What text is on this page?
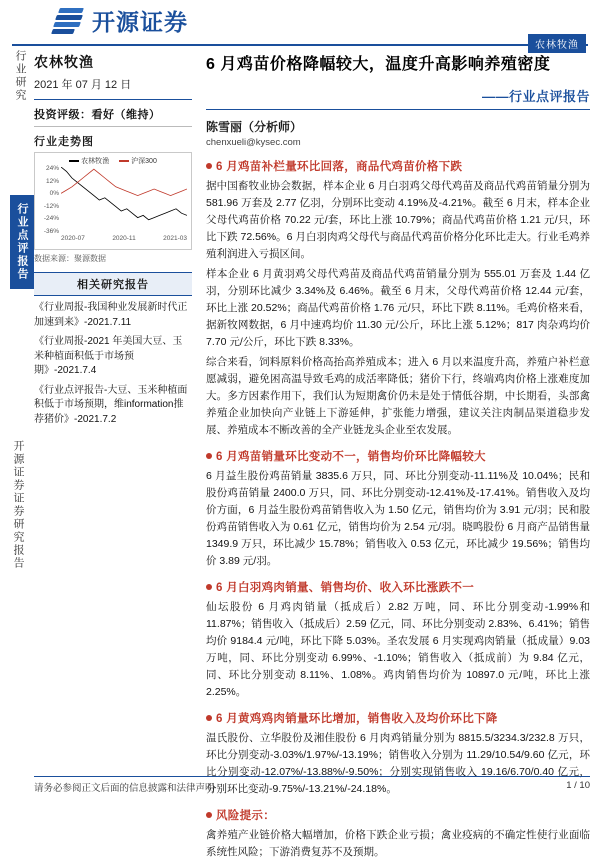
开源证券
农林牧渔
行业研究
行业点评报告
开源证券证券研究报告
农林牧渔
2021 年 07 月 12 日
投资评级：看好（维持）
行业走势图
农林牧渔	沪深300
24%
12%
0%
-12%
-24%
-36%
2020-07	2020-11	2021-03
数据来源：聚源数据
相关研究报告
《行业周报-我国种业发展新时代正加速到来》-2021.7.11
《行业周报-2021 年美国大豆、玉米种植面积低于市场预期》-2021.7.4
《行业点评报告-大豆、玉米种植面积低于市场预期，维information推荐猪价》-2021.7.2
6 月鸡苗价格降幅较大，温度升高影响养殖密度
——行业点评报告
陈雪丽（分析师）
chenxueli@kysec.com
6 月鸡苗补栏量环比回落，商品代鸡苗价格下跌

据中国畜牧业协会数据，样本企业 6 月白羽鸡父母代鸡苗及商品代鸡苗销量分别为 581.96 万套及 2.77 亿羽，分别环比变动 4.19%及-4.21%。截至 6 月末，样本企业父母代鸡苗价格 70.22 元/套，环比上涨 10.79%；商品代鸡苗价格 1.21 元/只，环比下跌 72.56%。6 月白羽肉鸡父母代与商品代鸡苗价格分化环比走大。行业毛鸡养殖利润进入亏损区间。

样本企业 6 月黄羽鸡父母代鸡苗及商品代鸡苗销量分别为 555.01 万套及 1.44 亿羽，分别环比减少 3.34%及 6.46%。截至 6 月末，父母代鸡苗价格 12.44 元/套，环比上涨 20.52%；商品代鸡苗价格 1.76 元/只，环比下跌 8.11%。毛鸡价格来看，据新牧网数据，6 月中速鸡均价 11.30 元/公斤，环比上涨 5.12%；817 肉杂鸡均价 7.70 元/公斤，环比下跌 8.33%。

综合来看，饲料原料价格高抬高养殖成本；进入 6 月以来温度升高，养殖户补栏意愿减弱，避免困高温导致毛鸡的成活率降低；猪价下行，终端鸡肉价格上涨难度加大。多方因素作用下，我们认为短期禽价仍未是处于情低谷期，中长期看，头部禽养殖企业加快向产业链上下游延伸，扩张能力增强，建议关注肉制品渠道稳步发展、养殖成本不断改善的全产业链龙头企业至农发展。

6 月鸡苗销量环比变动不一，销售均价环比降幅较大

6 月益生股份鸡苗销量 3835.6 万只，同、环比分别变动-11.11%及 10.04%；民和股份鸡苗销量 2400.0 万只，同、环比分别变动-12.41%及-17.41%。销售收入及均价方面，6 月益生股份鸡苗销售收入为 1.50 亿元，销售均价为 3.91 元/羽；民和股份鸡苗销售收入为 0.61 亿元，销售均价为 2.54 元/羽。晓鸣股份 6 月商产品销售量 1349.9 万只，环比减少 15.78%；销售收入 0.53 亿元，环比减少 19.56%；销售均价 3.89 元/羽。

6 月白羽鸡肉销量、销售均价、收入环比涨跌不一

仙坛股份 6 月鸡肉销量（抵成后）2.82 万吨，同、环比分别变动-1.99%和 11.87%；销售收入（抵成后）2.59 亿元，同、环比分别变动 2.83%、6.41%；销售均价 9184.4 元/吨，环比下降 5.03%。圣农发展 6 月实现鸡肉销量（抵成量）9.03 万吨，同、环比分别变动 6.99%、-1.10%；销售收入（抵成前）为 9.84 亿元，同、环比分别变动 8.11%、1.08%。鸡肉销售均价为 10897.0 元/吨，环比上涨 2.25%。

6 月黄鸡鸡肉销量环比增加，销售收入及均价环比下降

温氏股份、立华股份及湘佳股份 6 月肉鸡销量分别为 8815.5/3234.3/232.8 万只，环比分别变动-3.03%/1.97%/-13.19%；销售收入分别为 11.29/10.54/9.60 亿元，环比分别变动-12.07%/-13.88%/-9.50%；分别实现销售收入 19.16/6.70/0.40 亿元，分别环比变动-9.75%/-13.21%/-24.18%。

风险提示：

禽养殖产业链价格大幅增加，价格下跌企业亏损；禽业疫病的不确定性使行业面临系统性风险；下游消费复苏不及预期。

请务必参阅正文后面的信息披露和法律声明	1 / 10
